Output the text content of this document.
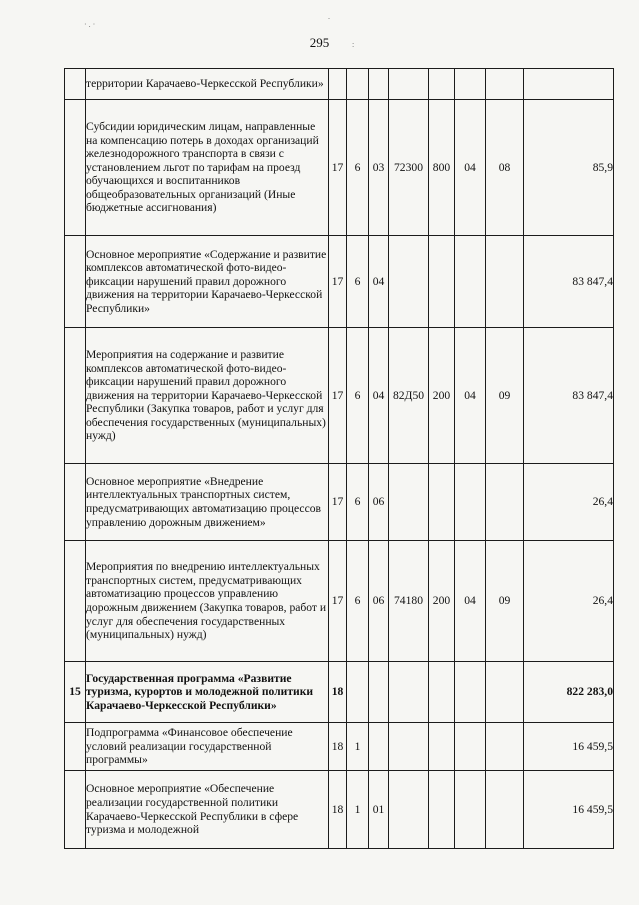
· . ·
.
:
295
	территории Карачаево-Черкесской Республики»								
	Субсидии юридическим лицам, направленные на компенсацию потерь в доходах организаций железнодорожного транспорта в связи с установлением льгот по тарифам на проезд обучающихся и воспитанников общеобразовательных организаций (Иные бюджетные ассигнования)	17	6	03	72300	800	04	08	85,9
	Основное мероприятие «Содержание и развитие комплексов автоматической фото-видео-фиксации нарушений правил дорожного движения на территории Карачаево-Черкесской Республики»	17	6	04					83 847,4
	Мероприятия на содержание и развитие комплексов автоматической фото-видео-фиксации нарушений правил дорожного движения на территории Карачаево-Черкесской Республики (Закупка товаров, работ и услуг для обеспечения государственных (муниципальных) нужд)	17	6	04	82Д50	200	04	09	83 847,4
	Основное мероприятие «Внедрение интеллектуальных транспортных систем, предусматривающих автоматизацию процессов управлению дорожным движением»	17	6	06					26,4
	Мероприятия по внедрению интеллектуальных транспортных систем, предусматривающих автоматизацию процессов управлению дорожным движением (Закупка товаров, работ и услуг для обеспечения государственных (муниципальных) нужд)	17	6	06	74180	200	04	09	26,4
15	Государственная программа «Развитие туризма, курортов и молодежной политики Карачаево-Черкесской Республики»	18							822 283,0
	Подпрограмма «Финансовое обеспечение условий реализации государственной программы»	18	1						16 459,5
	Основное мероприятие «Обеспечение реализации государственной политики Карачаево-Черкесской Республики в сфере туризма и молодежной	18	1	01					16 459,5
